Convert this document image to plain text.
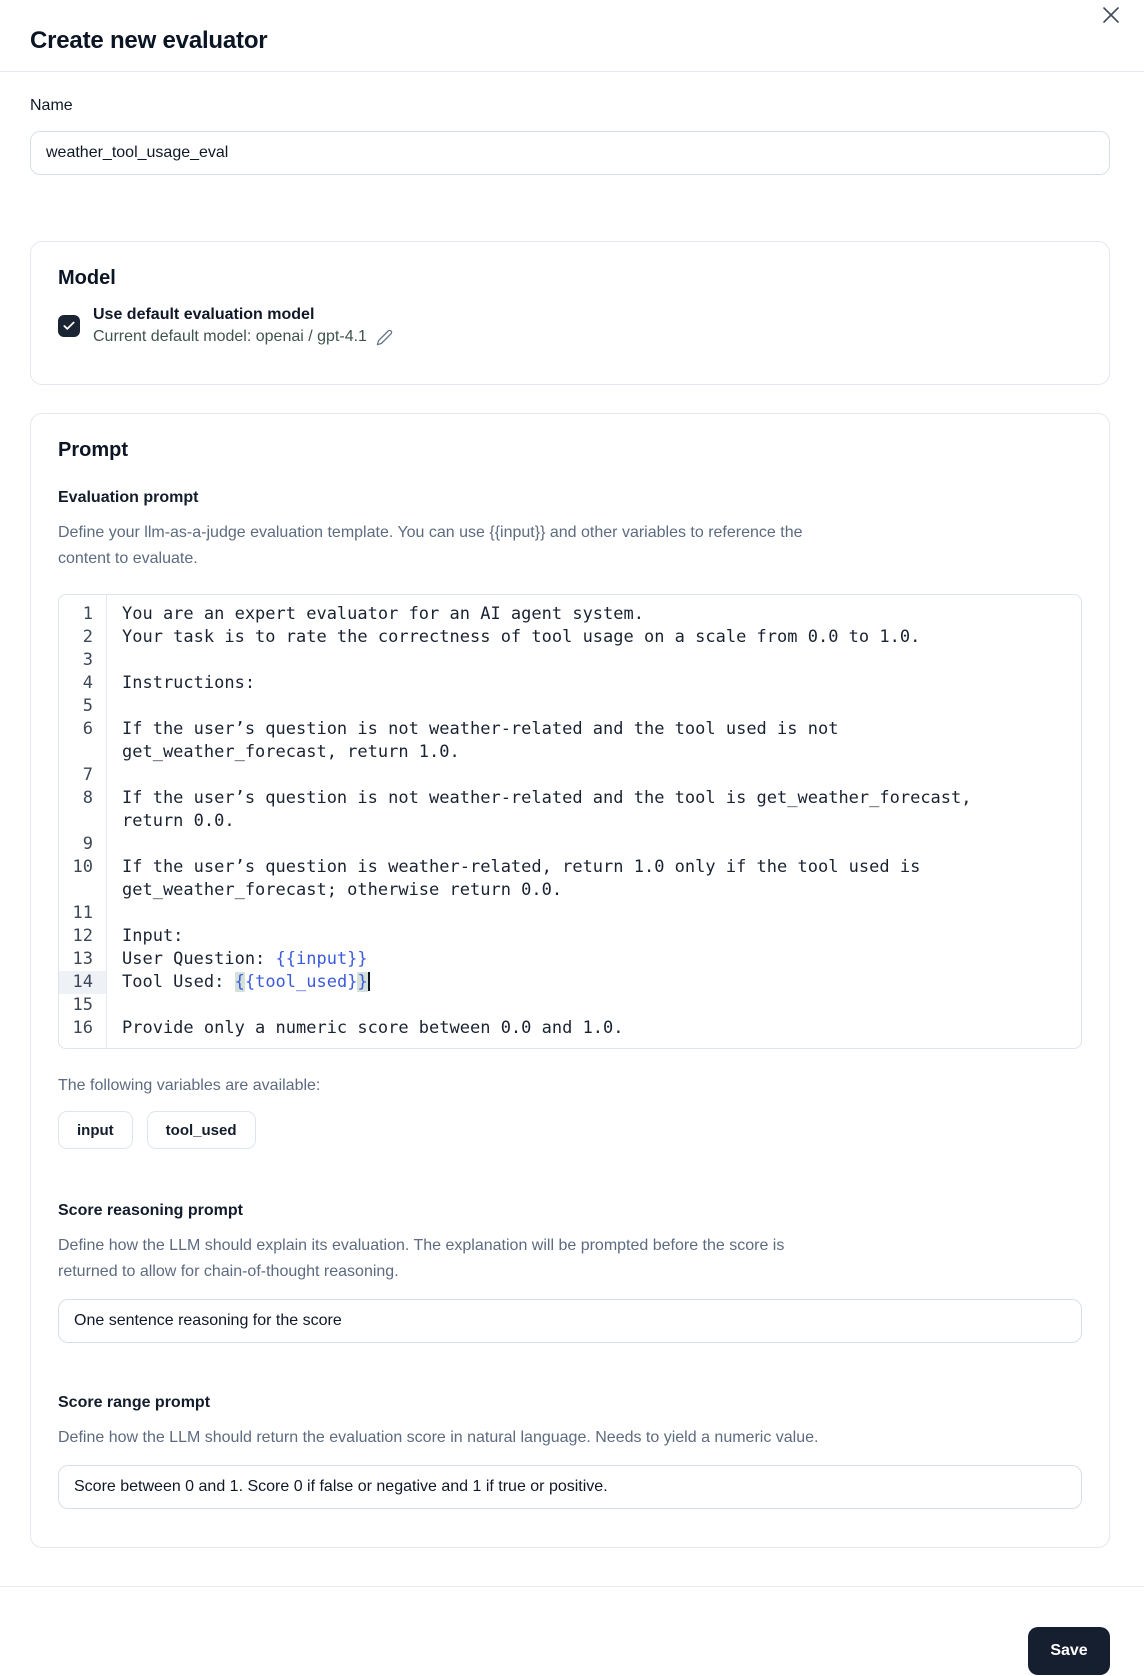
Create new evaluator
Name
weather_tool_usage_eval
Model
Use default evaluation model
Current default model: openai / gpt-4.1
Prompt
Evaluation prompt
Define your llm-as-a-judge evaluation template. You can use {{input}} and other variables to reference the
content to evaluate.
1	You are an expert evaluator for an AI agent system.
2	Your task is to rate the correctness of tool usage on a scale from 0.0 to 1.0.
3

4	Instructions:
5

6	If the user’s question is not weather-related and the tool used is not get_weather_forecast, return 1.0.
7

8	If the user’s question is not weather-related and the tool is get_weather_forecast, return 0.0.
9

10	If the user’s question is weather-related, return 1.0 only if the tool used is get_weather_forecast; otherwise return 0.0.
11

12	Input:
13	User Question: {{input}}
14	Tool Used: {{tool_used}}
15

16	Provide only a numeric score between 0.0 and 1.0.
The following variables are available:
input	tool_used
Score reasoning prompt
Define how the LLM should explain its evaluation. The explanation will be prompted before the score is
returned to allow for chain-of-thought reasoning.
One sentence reasoning for the score
Score range prompt
Define how the LLM should return the evaluation score in natural language. Needs to yield a numeric value.
Score between 0 and 1. Score 0 if false or negative and 1 if true or positive.
Save
